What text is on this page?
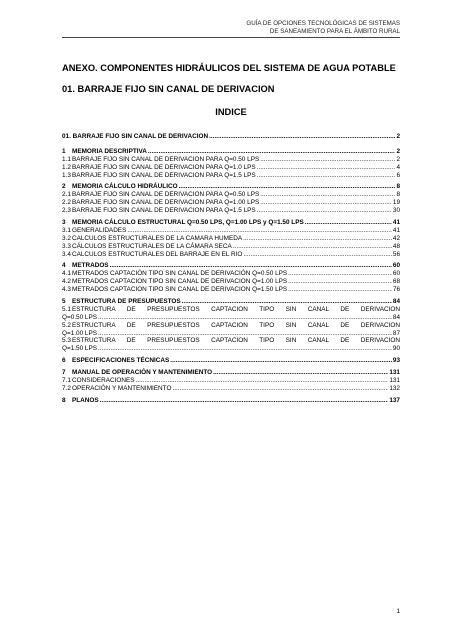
GUÍA DE OPCIONES TECNOLÓGICAS DE SISTEMAS
DE SANEAMIENTO PARA EL ÁMBITO RURAL
ANEXO. COMPONENTES HIDRÁULICOS DEL SISTEMA DE AGUA POTABLE
01. BARRAJE FIJO SIN CANAL DE DERIVACION
INDICE
01. BARRAJE FIJO SIN CANAL DE DERIVACION .....	2
1	MEMORIA DESCRIPTIVA .....	2
1.1 BARRAJE FIJO SIN CANAL DE DERIVACION PARA Q=0.50 LPS .....	2
1.2 BARRAJE FIJO SIN CANAL DE DERIVACION PARA Q=1.0 LPS .....	4
1.3 BARRAJE FIJO SIN CANAL DE DERIVACION PARA Q=1.5 LPS .....	6
2	MEMORIA CÁLCULO HIDRÁULICO .....	8
2.1 BARRAJE FIJO SIN CANAL DE DERIVACION PARA Q=0.50 LPS .....	8
2.2 BARRAJE FIJO SIN CANAL DE DERIVACION PARA Q=1.00 LPS .....	19
2.3 BARRAJE FIJO SIN CANAL DE DERIVACION PARA Q=1.5 LPS .....	30
3	MEMORIA CÁLCULO ESTRUCTURAL Q=0.50 LPS, Q=1.00 LPS y Q=1.50 LPS .....	41
3.1 GENERALIDADES .....	41
3.2 CALCULOS ESTRUCTURALES DE LA CAMARA HUMEDA .....	42
3.3 CÁLCULOS ESTRUCTURALES DE LA CÁMARA SECA .....	48
3.4 CALCULOS ESTRUCTURALES DEL BARRAJE EN EL RIO .....	56
4	METRADOS .....	60
4.1 METRADOS CAPTACIÓN TIPO SIN CANAL DE DERIVACIÓN Q=0.50 LPS .....	60
4.2 METRADOS CAPTACION TIPO SIN CANAL DE DERIVACION Q=1.00 LPS .....	68
4.3 METRADOS CAPTACION TIPO SIN CANAL DE DERIVACION Q=1.50 LPS .....	76
5	ESTRUCTURA DE PRESUPUESTOS .....	84
5.1 ESTRUCTURA DE PRESUPUESTOS CAPTACION TIPO SIN CANAL DE DERIVACION
Q=0.50 LPS .....	84
5.2 ESTRUCTURA DE PRESUPUESTOS CAPTACION TIPO SIN CANAL DE DERIVACION
Q=1.00 LPS .....	87
5.3 ESTRUCTURA DE PRESUPUESTOS CAPTACION TIPO SIN CANAL DE DERIVACION
Q=1.50 LPS .....	90
6	ESPECIFICACIONES TÉCNICAS .....	93
7	MANUAL DE OPERACIÓN Y MANTENIMIENTO .....	131
7.1 CONSIDERACIONES .....	131
7.2 OPERACIÓN Y MANTENIMIENTO .....	132
8	PLANOS .....	137
1
